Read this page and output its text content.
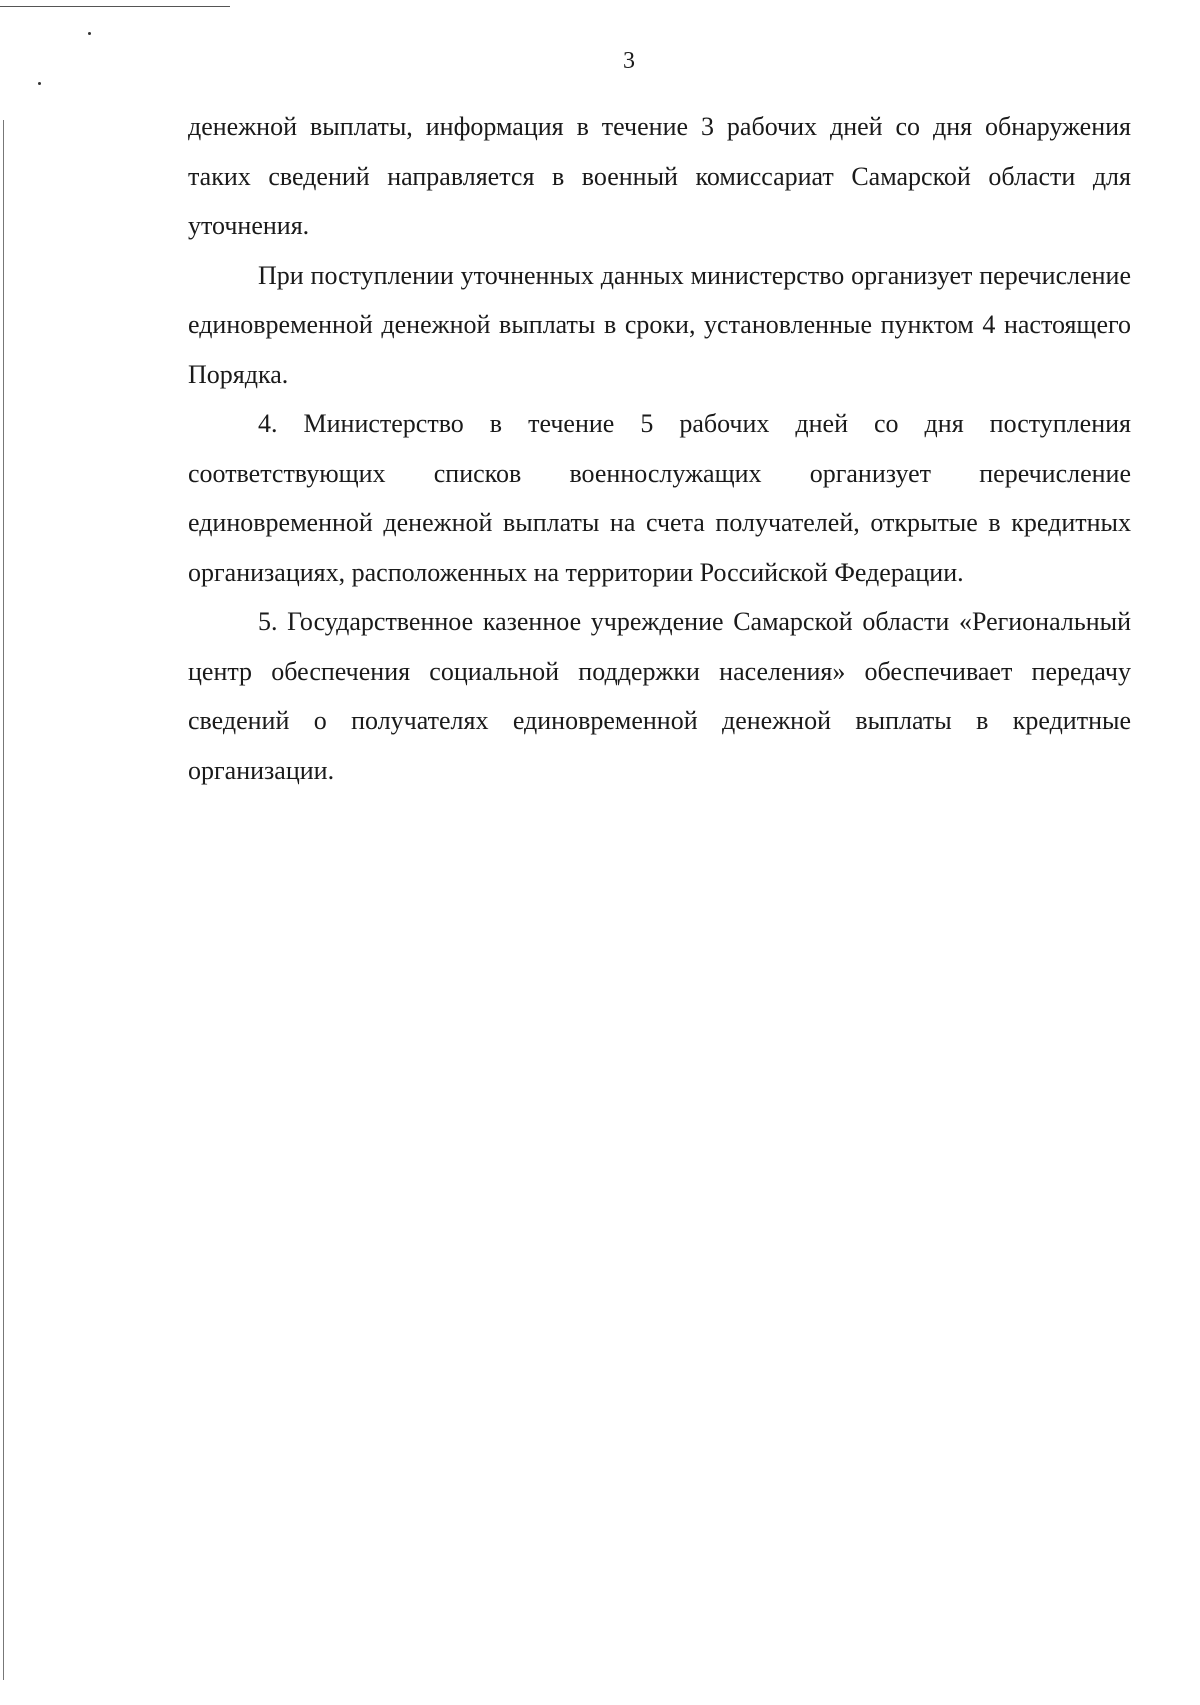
3

денежной выплаты, информация в течение 3 рабочих дней со дня обнаружения таких сведений направляется в военный комиссариат Самарской области для уточнения.

При поступлении уточненных данных министерство организует перечисление единовременной денежной выплаты в сроки, установленные пунктом 4 настоящего Порядка.

4. Министерство в течение 5 рабочих дней со дня поступления соответствующих списков военнослужащих организует перечисление единовременной денежной выплаты на счета получателей, открытые в кредитных организациях, расположенных на территории Российской Федерации.

5. Государственное казенное учреждение Самарской области «Региональный центр обеспечения социальной поддержки населения» обеспечивает передачу сведений о получателях единовременной денежной выплаты в кредитные организации.
